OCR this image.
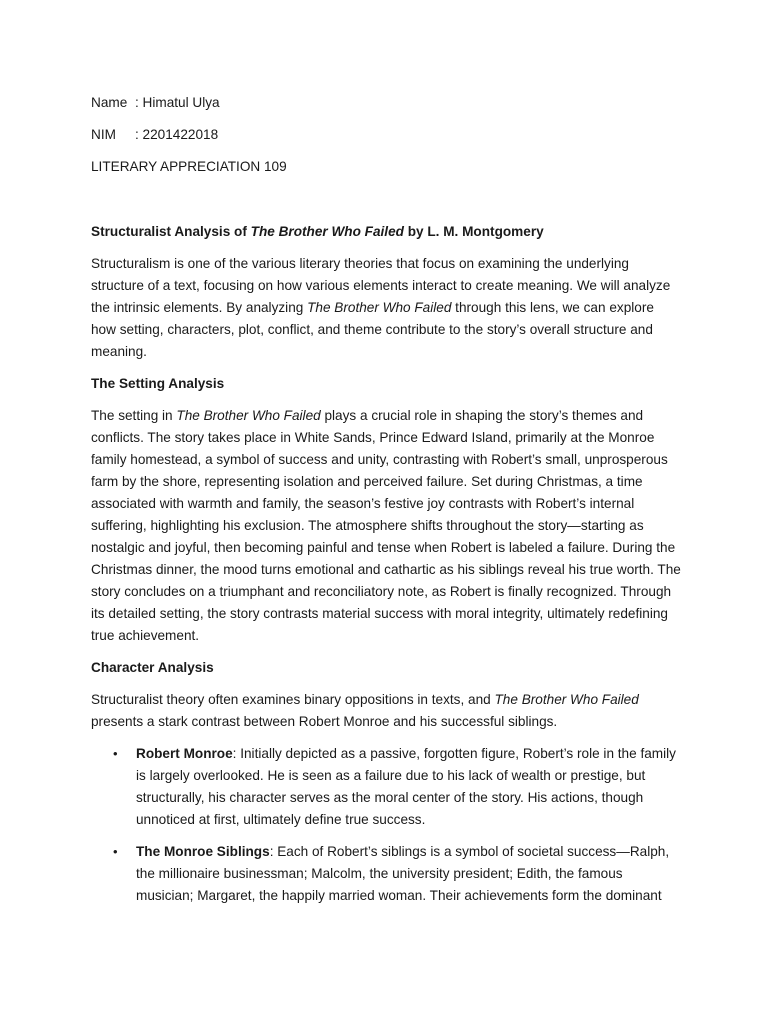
Name : Himatul Ulya

NIM : 2201422018

LITERARY APPRECIATION 109

Structuralist Analysis of The Brother Who Failed by L. M. Montgomery

Structuralism is one of the various literary theories that focus on examining the underlying structure of a text, focusing on how various elements interact to create meaning. We will analyze the intrinsic elements. By analyzing The Brother Who Failed through this lens, we can explore how setting, characters, plot, conflict, and theme contribute to the story’s overall structure and meaning.

The Setting Analysis

The setting in The Brother Who Failed plays a crucial role in shaping the story’s themes and conflicts. The story takes place in White Sands, Prince Edward Island, primarily at the Monroe family homestead, a symbol of success and unity, contrasting with Robert’s small, unprosperous farm by the shore, representing isolation and perceived failure. Set during Christmas, a time associated with warmth and family, the season’s festive joy contrasts with Robert’s internal suffering, highlighting his exclusion. The atmosphere shifts throughout the story—starting as nostalgic and joyful, then becoming painful and tense when Robert is labeled a failure. During the Christmas dinner, the mood turns emotional and cathartic as his siblings reveal his true worth. The story concludes on a triumphant and reconciliatory note, as Robert is finally recognized. Through its detailed setting, the story contrasts material success with moral integrity, ultimately redefining true achievement.

Character Analysis

Structuralist theory often examines binary oppositions in texts, and The Brother Who Failed presents a stark contrast between Robert Monroe and his successful siblings.

• Robert Monroe: Initially depicted as a passive, forgotten figure, Robert’s role in the family is largely overlooked. He is seen as a failure due to his lack of wealth or prestige, but structurally, his character serves as the moral center of the story. His actions, though unnoticed at first, ultimately define true success.
• The Monroe Siblings: Each of Robert’s siblings is a symbol of societal success—Ralph, the millionaire businessman; Malcolm, the university president; Edith, the famous musician; Margaret, the happily married woman. Their achievements form the dominant
